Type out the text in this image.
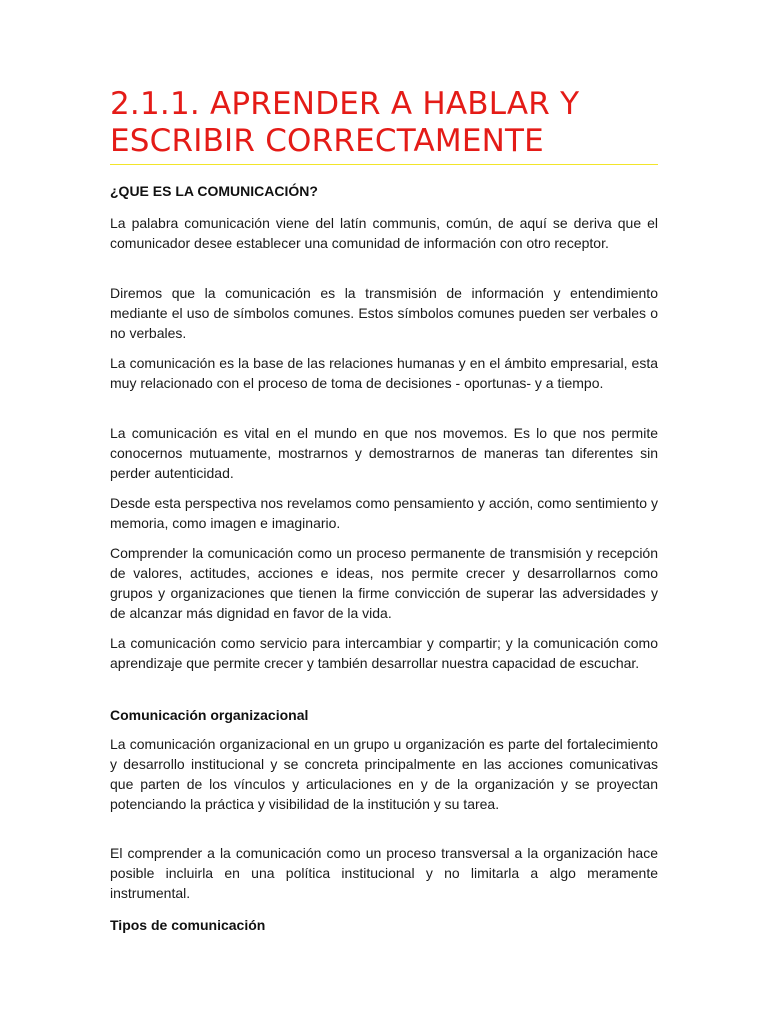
2.1.1. APRENDER A HABLAR Y ESCRIBIR CORRECTAMENTE
¿QUE ES LA COMUNICACIÓN?

La palabra comunicación viene del latín communis, común, de aquí se deriva que el comunicador desee establecer una comunidad de información con otro receptor.

Diremos que la comunicación es la transmisión de información y entendimiento mediante el uso de símbolos comunes. Estos símbolos comunes pueden ser verbales o no verbales.

La comunicación es la base de las relaciones humanas y en el ámbito empresarial, esta muy relacionado con el proceso de toma de decisiones - oportunas- y a tiempo.

La comunicación es vital en el mundo en que nos movemos. Es lo que nos permite conocernos mutuamente, mostrarnos y demostrarnos de maneras tan diferentes sin perder autenticidad.

Desde esta perspectiva nos revelamos como pensamiento y acción, como sentimiento y memoria, como imagen e imaginario.

Comprender la comunicación como un proceso permanente de transmisión y recepción de valores, actitudes, acciones e ideas, nos permite crecer y desarrollarnos como grupos y organizaciones que tienen la firme convicción de superar las adversidades y de alcanzar más dignidad en favor de la vida.

La comunicación como servicio para intercambiar y compartir; y la comunicación como aprendizaje que permite crecer y también desarrollar nuestra capacidad de escuchar.

Comunicación organizacional

La comunicación organizacional en un grupo u organización es parte del fortalecimiento y desarrollo institucional y se concreta principalmente en las acciones comunicativas que parten de los vínculos y articulaciones en y de la organización y se proyectan potenciando la práctica y visibilidad de la institución y su tarea.

El comprender a la comunicación como un proceso transversal a la organización hace posible incluirla en una política institucional y no limitarla a algo meramente instrumental.

Tipos de comunicación
